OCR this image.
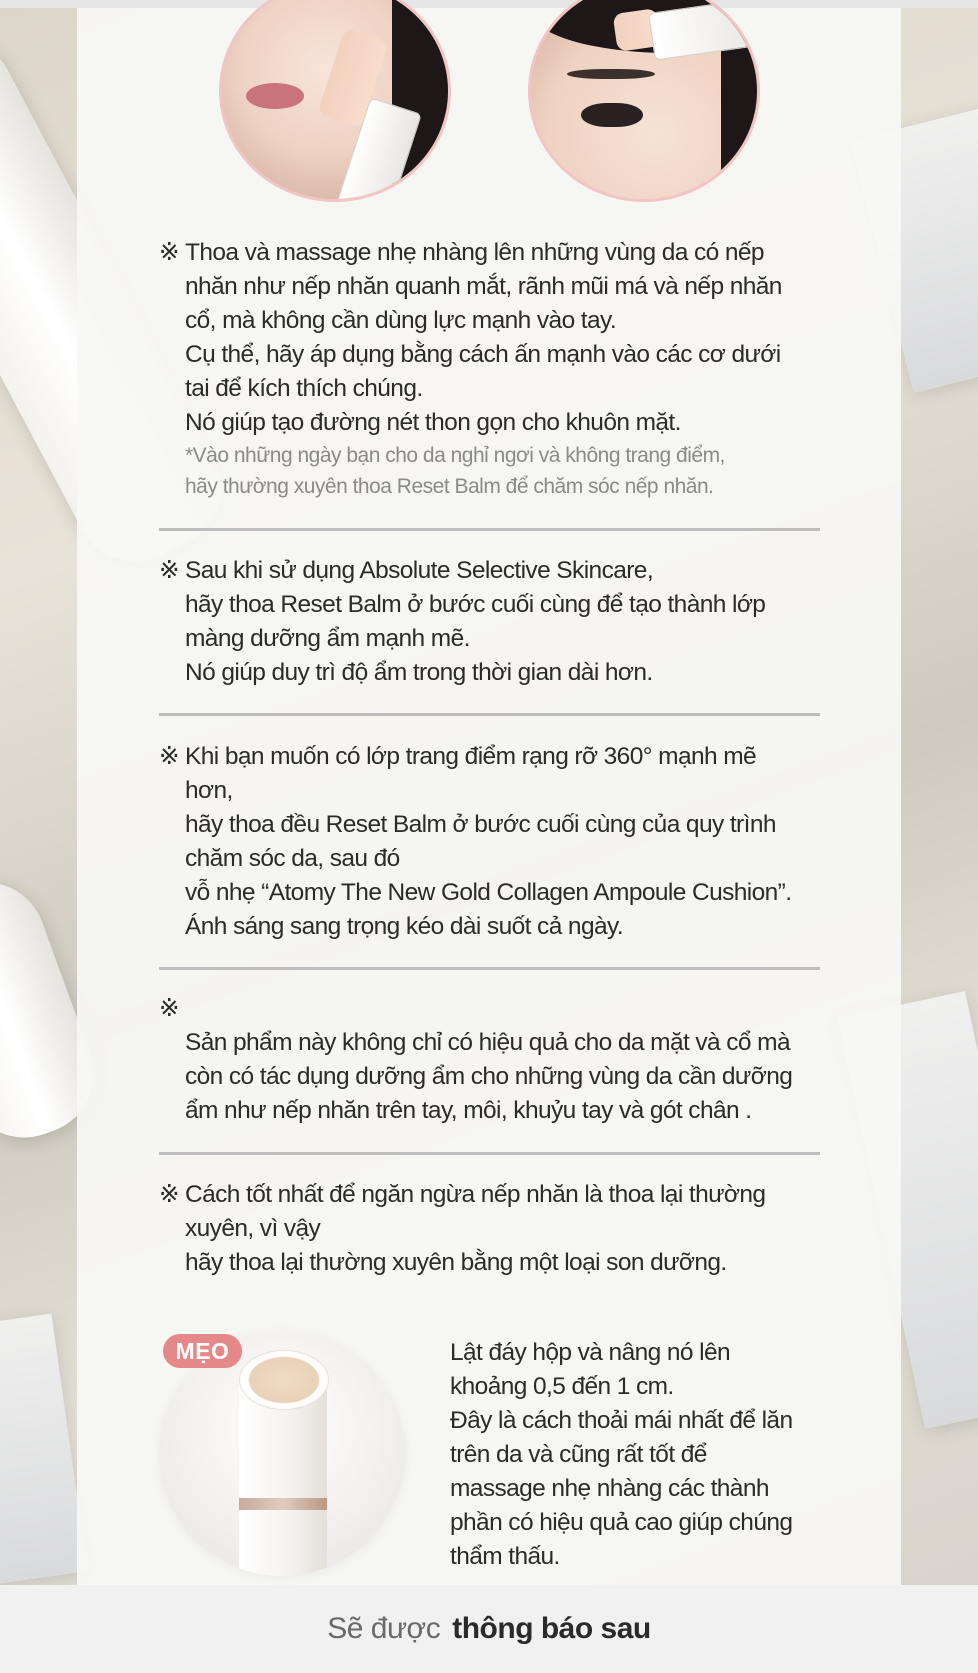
※ Thoa và massage nhẹ nhàng lên những vùng da có nếp
nhăn như nếp nhăn quanh mắt, rãnh mũi má và nếp nhăn
cổ, mà không cần dùng lực mạnh vào tay.
Cụ thể, hãy áp dụng bằng cách ấn mạnh vào các cơ dưới
tai để kích thích chúng.
Nó giúp tạo đường nét thon gọn cho khuôn mặt.

*Vào những ngày bạn cho da nghỉ ngơi và không trang điểm,
hãy thường xuyên thoa Reset Balm để chăm sóc nếp nhăn.

※ Sau khi sử dụng Absolute Selective Skincare,
hãy thoa Reset Balm ở bước cuối cùng để tạo thành lớp
màng dưỡng ẩm mạnh mẽ.
Nó giúp duy trì độ ẩm trong thời gian dài hơn.

※ Khi bạn muốn có lớp trang điểm rạng rỡ 360° mạnh mẽ
hơn,
hãy thoa đều Reset Balm ở bước cuối cùng của quy trình
chăm sóc da, sau đó
vỗ nhẹ “Atomy The New Gold Collagen Ampoule Cushion”.
Ánh sáng sang trọng kéo dài suốt cả ngày.

※

Sản phẩm này không chỉ có hiệu quả cho da mặt và cổ mà
còn có tác dụng dưỡng ẩm cho những vùng da cần dưỡng
ẩm như nếp nhăn trên tay, môi, khuỷu tay và gót chân .

※ Cách tốt nhất để ngăn ngừa nếp nhăn là thoa lại thường
xuyên, vì vậy
hãy thoa lại thường xuyên bằng một loại son dưỡng.

MẸO	Lật đáy hộp và nâng nó lên
khoảng 0,5 đến 1 cm.
Đây là cách thoải mái nhất để lăn
trên da và cũng rất tốt để
massage nhẹ nhàng các thành
phần có hiệu quả cao giúp chúng
thẩm thấu.

Sẽ được thông báo sau
